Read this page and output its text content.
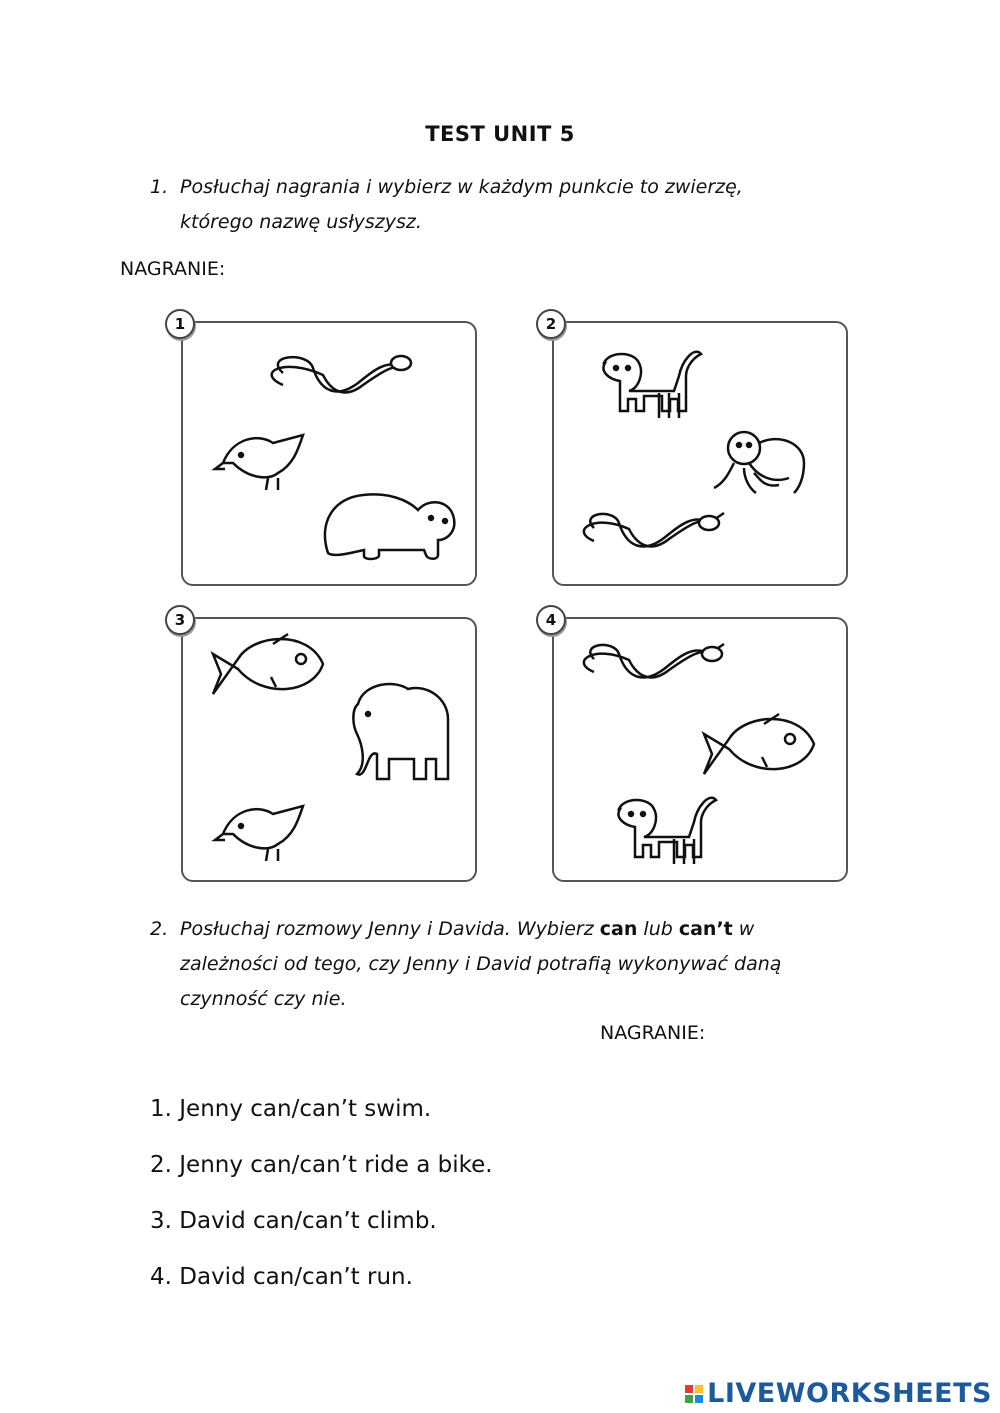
TEST UNIT 5
1. Posłuchaj nagrania i wybierz w każdym punkcie to zwierzę,
którego nazwę usłyszysz.
NAGRANIE:
1	2
3	4
2. Posłuchaj rozmowy Jenny i Davida. Wybierz can lub can’t w
zależności od tego, czy Jenny i David potrafią wykonywać daną
czynność czy nie.
NAGRANIE:
1. Jenny can/can’t swim.
2. Jenny can/can’t ride a bike.
3. David can/can’t climb.
4. David can/can’t run.
LIVEWORKSHEETS
